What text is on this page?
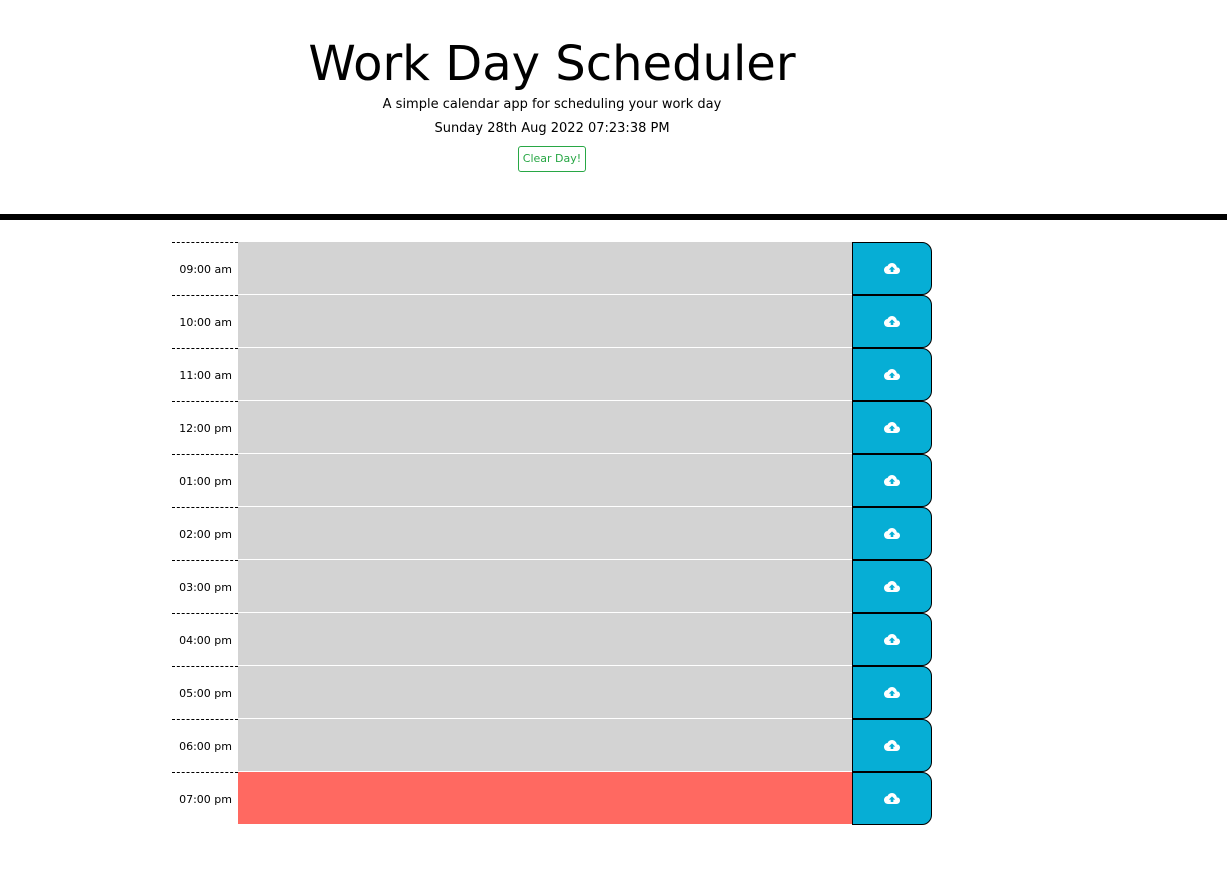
Work Day Scheduler

A simple calendar app for scheduling your work day

Sunday 28th Aug 2022 07:23:38 PM

Clear Day!
09:00 am
10:00 am
11:00 am
12:00 pm
01:00 pm
02:00 pm
03:00 pm
04:00 pm
05:00 pm
06:00 pm
07:00 pm
